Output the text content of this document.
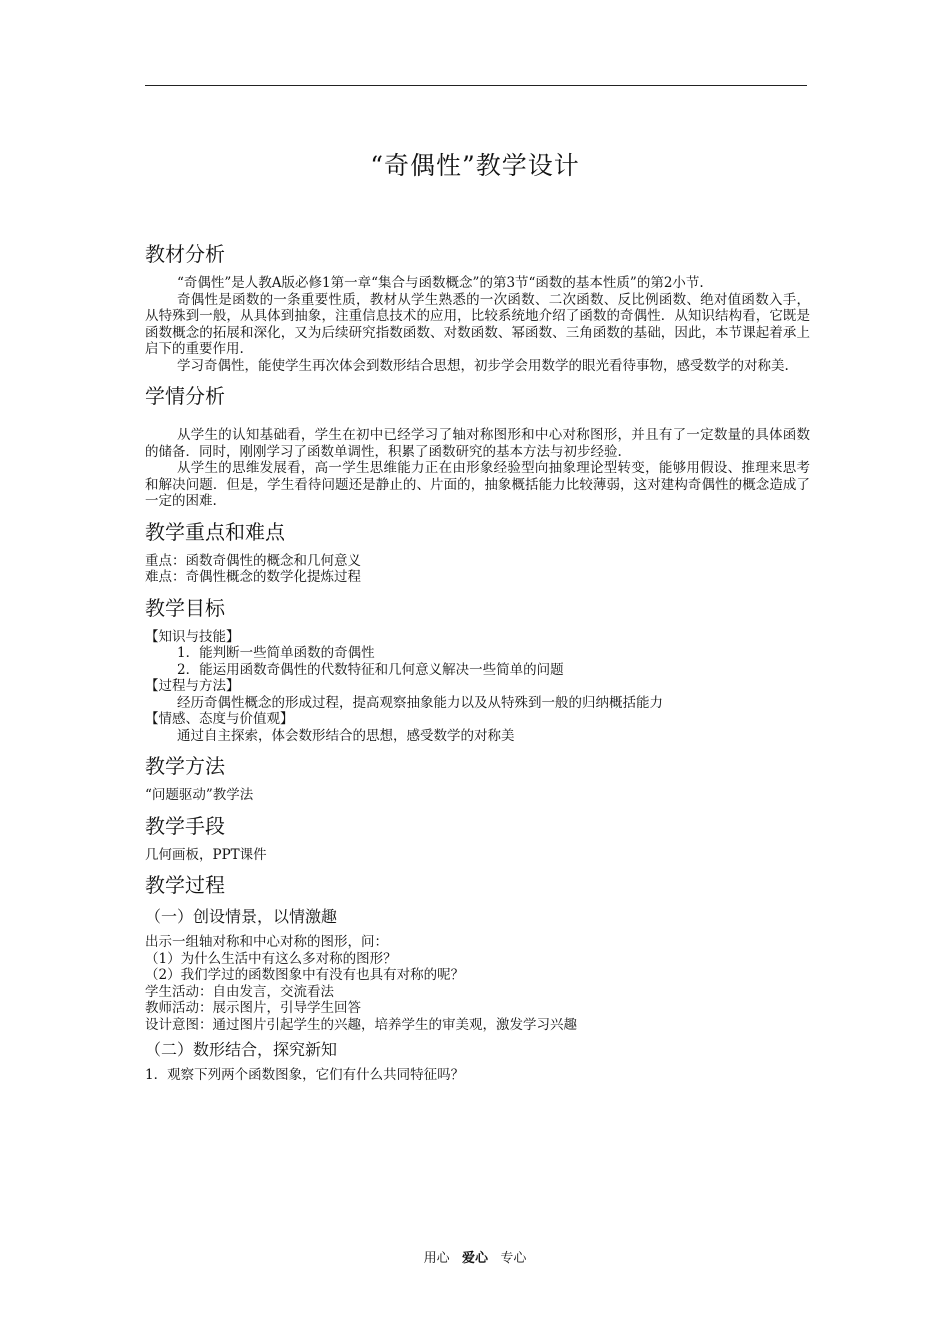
“奇偶性”教学设计
教材分析

“奇偶性”是人教A版必修1第一章“集合与函数概念”的第3节“函数的基本性质”的第2小节.

奇偶性是函数的一条重要性质，教材从学生熟悉的一次函数、二次函数、反比例函数、绝对值函数入手，从特殊到一般，从具体到抽象，注重信息技术的应用，比较系统地介绍了函数的奇偶性．从知识结构看，它既是函数概念的拓展和深化，又为后续研究指数函数、对数函数、幂函数、三角函数的基础，因此，本节课起着承上启下的重要作用.

学习奇偶性，能使学生再次体会到数形结合思想，初步学会用数学的眼光看待事物，感受数学的对称美.

学情分析

从学生的认知基础看，学生在初中已经学习了轴对称图形和中心对称图形，并且有了一定数量的具体函数的储备．同时，刚刚学习了函数单调性，积累了函数研究的基本方法与初步经验.

从学生的思维发展看，高一学生思维能力正在由形象经验型向抽象理论型转变，能够用假设、推理来思考和解决问题．但是，学生看待问题还是静止的、片面的，抽象概括能力比较薄弱，这对建构奇偶性的概念造成了一定的困难.

教学重点和难点

重点：函数奇偶性的概念和几何意义

难点：奇偶性概念的数学化提炼过程

教学目标

【知识与技能】

1．能判断一些简单函数的奇偶性

2．能运用函数奇偶性的代数特征和几何意义解决一些简单的问题

【过程与方法】

经历奇偶性概念的形成过程，提高观察抽象能力以及从特殊到一般的归纳概括能力

【情感、态度与价值观】

通过自主探索，体会数形结合的思想，感受数学的对称美

教学方法

“问题驱动”教学法

教学手段

几何画板，PPT课件

教学过程
（一）创设情景，以情激趣

出示一组轴对称和中心对称的图形，问：

（1）为什么生活中有这么多对称的图形？

（2）我们学过的函数图象中有没有也具有对称的呢？

学生活动：自由发言，交流看法

教师活动：展示图片，引导学生回答

设计意图：通过图片引起学生的兴趣，培养学生的审美观，激发学习兴趣

（二）数形结合，探究新知

1．观察下列两个函数图象，它们有什么共同特征吗？

用心 爱心 专心
